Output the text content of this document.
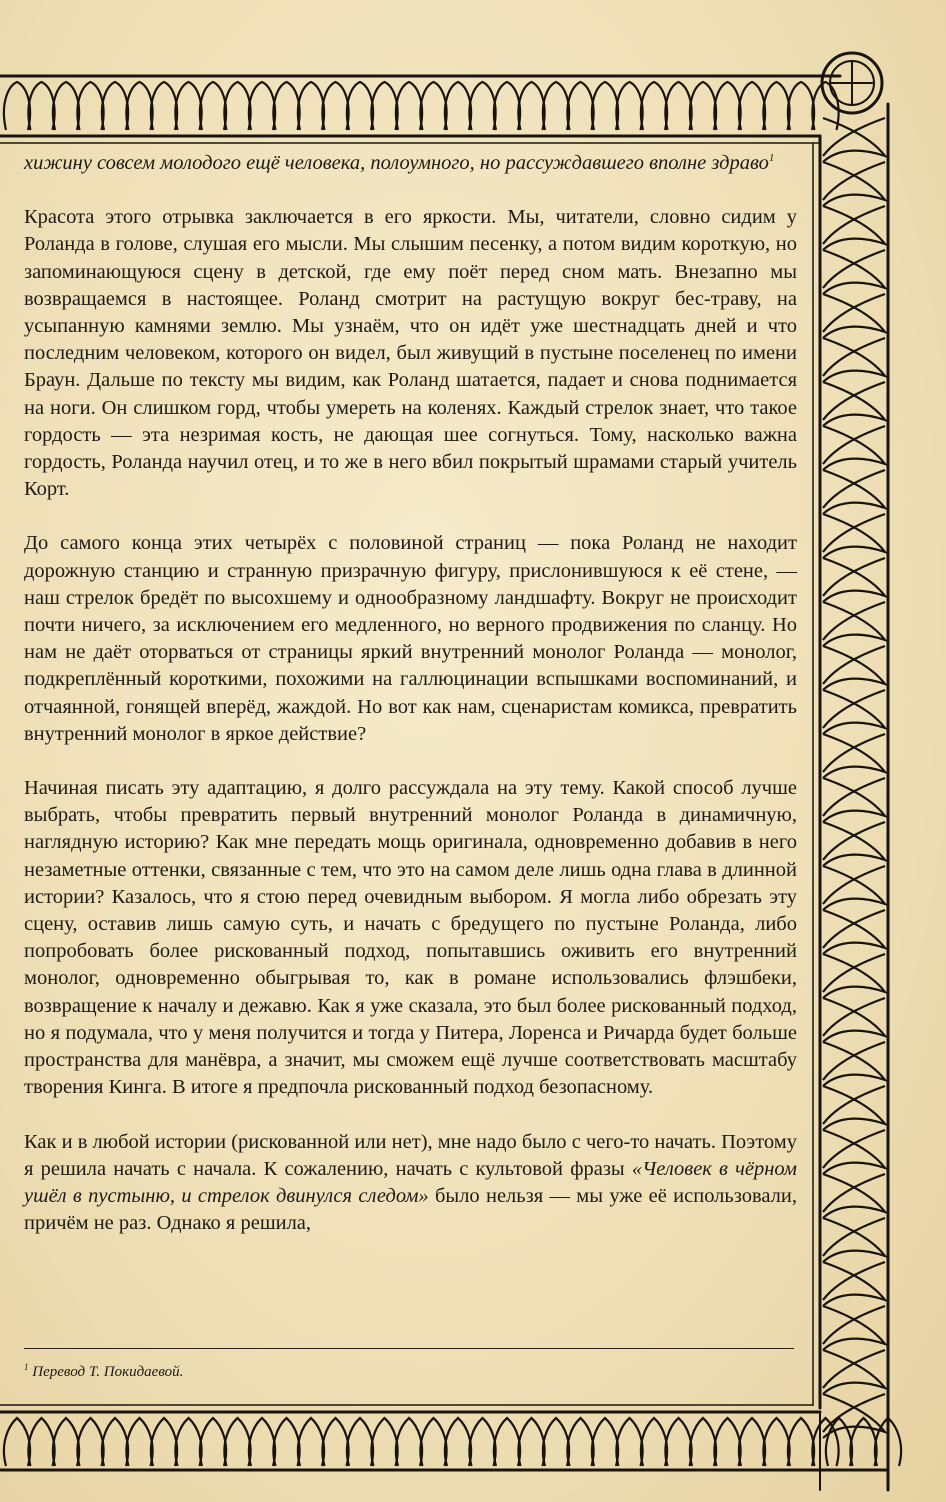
хижину совсем молодого ещё человека, полоумного, но рассуждавшего вполне здраво$^1$

Красота этого отрывка заключается в его яркости. Мы, читатели, словно сидим у Роланда в голове, слушая его мысли. Мы слышим песенку, а потом видим короткую, но запоминающуюся сцену в детской, где ему поёт перед сном мать. Внезапно мы возвращаемся в настоящее. Роланд смотрит на растущую вокруг бес-траву, на усыпанную камнями землю. Мы узнаём, что он идёт уже шестнадцать дней и что последним человеком, которого он видел, был живущий в пустыне поселенец по имени Браун. Дальше по тексту мы видим, как Роланд шатается, падает и снова поднимается на ноги. Он слишком горд, чтобы умереть на коленях. Каждый стрелок знает, что такое гордость — эта незримая кость, не дающая шее согнуться. Тому, насколько важна гордость, Роланда научил отец, и то же в него вбил покрытый шрамами старый учитель Корт.

До самого конца этих четырёх с половиной страниц — пока Роланд не находит дорожную станцию и странную призрачную фигуру, прислонившуюся к её стене, — наш стрелок бредёт по высохшему и однообразному ландшафту. Вокруг не происходит почти ничего, за исключением его медленного, но верного продвижения по сланцу. Но нам не даёт оторваться от страницы яркий внутренний монолог Роланда — монолог, подкреплённый короткими, похожими на галлюцинации вспышками воспоминаний, и отчаянной, гонящей вперёд, жаждой. Но вот как нам, сценаристам комикса, превратить внутренний монолог в яркое действие?

Начиная писать эту адаптацию, я долго рассуждала на эту тему. Какой способ лучше выбрать, чтобы превратить первый внутренний монолог Роланда в динамичную, наглядную историю? Как мне передать мощь оригинала, одновременно добавив в него незаметные оттенки, связанные с тем, что это на самом деле лишь одна глава в длинной истории? Казалось, что я стою перед очевидным выбором. Я могла либо обрезать эту сцену, оставив лишь самую суть, и начать с бредущего по пустыне Роланда, либо попробовать более рискованный подход, попытавшись оживить его внутренний монолог, одновременно обыгрывая то, как в романе использовались флэшбеки, возвращение к началу и дежавю. Как я уже сказала, это был более рискованный подход, но я подумала, что у меня получится и тогда у Питера, Лоренса и Ричарда будет больше пространства для манёвра, а значит, мы сможем ещё лучше соответствовать масштабу творения Кинга. В итоге я предпочла рискованный подход безопасному.

Как и в любой истории (рискованной или нет), мне надо было с чего-то начать. Поэтому я решила начать с начала. К сожалению, начать с культовой фразы «Человек в чёрном ушёл в пустыню, и стрелок двинулся следом» было нельзя — мы уже её использовали, причём не раз. Однако я решила,

$^1$ Перевод Т. Покидаевой.
